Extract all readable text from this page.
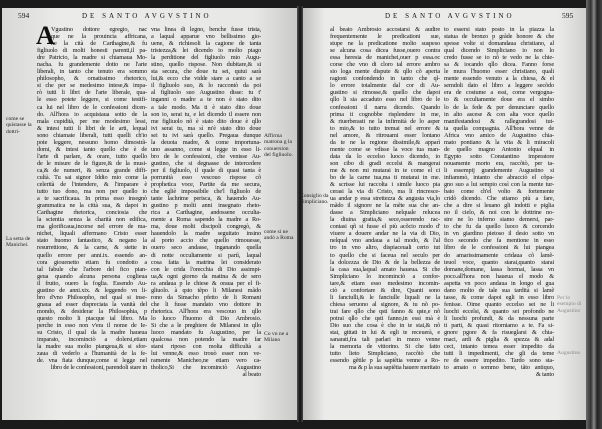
594	DE SANTO AVGVSTINO	595
DE SANTO AVGVSTINO
A
Vgustino dottore egregio, nac
que ne la prouincia affricana,
ne la cità de Carthagine,& fu
figliuolo di molti honesti parenti,il pa-
dre Patricio, la madre si chiamaua Mo-
nacha. fu grandemente dotto ne l'arte
liberali, in tanto che tenuto era sommo
philosopho, & ornatissimo rhetorico,
si che per se medesimo intese,& impa-
rò tutti li libri de l'arte liberale, qua-
le esso potete leggere, si come testifi-
ca lui nel libro de le confessioni dicen-
do. All'hora io acquistaua sotto de la
mala cupidità, per me modesimo lessi,
& intesi tutti li libri de le arti, lequal
sono chiamate liberali, tutti quelli ch'io
pote leggere, nessuno homo dimostrã-
domi, & intesi tanto quello che è de
l'arte di parlare, & orare, tutto quello
de le misure de le figure,& de la musi-
ca,& de numeri, & senza grande diffi-
cultà. Tu sai signor Iddio mio come la
celerità de l'intendere, & l'imparare è
tutto tuo dono, ma non per quello io
a te sacrificaua. In prima esso insegnò
grammatica ne la città sua, & dapoi in
Carthagine rhetorica, conciosia che
la scientia senza la charità non edifica,
ma glorificaua,incorse nel errore de ma-
nichei, liquali affermano Cristo esser
stato huomo fantastico, & negano la
resurrettione, & la carne, & stette in
quello errore per anni.ix. essendo an-
cora giouenetto etiam fu condotto a
tal fabule che l'arbore del fico pian-
geua quando alcuna persona coglieua
il frutto, ouero la foglia. Essendo Au-
gustino de anni.xix. & leggendo vn li-
bro d'vno Philosopho, nel qual si inse-
gnaua ad esser dispreciata la vanità del
mondo, & desiderar la Philosophia, p
questo molto li piacque tal libro. Ma
perche in esso non v'era il nome de Ie-
su Cristo, il qual da la madre haueua
imparato, incominciò a dolersi,etiam
la madre sua molto piangeua,& si sfor-
zaua di vederlo a l'humanità de la fe-
de. vna fiata dunque,come si legge nel
libro de le confessioni, parendoli stare in
vna linea di legno, benche fusse trista,
a laqual apparue vno bellissimo gio-
uene, & richiesoli la cagione de tanta
tristezza,& lei dicendo io molto piago
la perditione del figliuolo mio Augu-
stino, quello rispose. Non dubitare,& si
sta secura, che doue tu sei, quiui sarà
lui,& ecco che vidde stare a canto a se
il figliuolo suo, & lo raccontò da poi
al figliuolo suo Augustino disse: tu t'
inganni o madre a te non è stato dito
a tale modo. Ma ti è stato dito doue
son io, serai tu, e lei dicendo il essere non
me figliuolo nõ è stato dito doue è qllo
ivi serai tu, ma sì m'è stato dito doue
sei tu ivi sarà quello. Pregaua dunque
la deuota madre, & come importuna-
uno assanno, come si legge in esso li-
bro de le confessioni, che venisse Au-
gustino, che si degnasse de intercedere
per il figliuolo, il quale di quasi tanta è
porrunità esso vescouo rispose cõ
prophetica voce, Partite da me secura,
che egliè impossibile che'l figliuolo de
tante lachrime perisca, & hauendo Au-
gustino p molti anni insegnato rheto-
rica a Carthagine, andossene occulta-
mente a Roma sapendo la madre a Ro-
ma, doue molti discipoli congregò, &
hauendolo la madre seguitato insino
al porto accio che quello rimouesse,
ouero seco andasse, inganando quella
di notte occultamente si partì, laqual
cosa fatta la matrina lei considerato
con le crida l'orecchia di Dio assimpi-
ua,& ogni giorno da matina & de sero
ra andaua p le chiese & oraua per el fi-
gliuolo. à qsto tẽpo li Milanesi mãdo
rono da Simacho pfetto de li Romani
che li fusse mandato vno dottore in
rhetorica. All'hora era vescouo in qllo
lo luoco l'huomo di Dio Ambrosio.
Si che a le preghiere de Milanesi in qllo
luoco mandato fu Augustino, per la
qualcosa non potendo la madre far
starsi riposo con molta difficultà a
lui venne,& esso trouò esser non ve-
ramente Manicheo,ne etiam vero ca-
tholico,Si che incominciò Augustino
al beato
al beato Ambrosio accostarsi & audire
frequentemente le predicationi sue,
stupe ne la predicatione molto suspeso
se alcuna cosa dicea fusse,ouero contra
essa heresia de manichei,ouer p essa.oc
corse che vno di cloro tal errore ambro
sio loga mente dispute & qllo cõ aperta
ragioni confondendo in tanto che ql-
lo errore totalmente dal cor di Au-
gustino si rimosse,& quello che dapoi
qllo li sia accaduto esso nel libro de le
confessioni il narra dicendo. Quando
prima ti cognobbe risplendere in me,
& riuerberasti ne la infirmità de lo asper
to mio,& io tutto tremai nel errore &
nel amore, & ritrouami esser lontano
da te ne la regione dissimile,& apparì
mente come se vdisse la voce tua man-
data da lo eccelso luoco dicendo, io
son cibo di gradi eccelsi & mangerai
me & non mi mutarai in te come el ci
bo de la carne tua,ma ti mutarai in me.
& scrisse lui raccolta i simile luoco pia
cerasi la via di Cristo, ma li rincresce-
ua andar p essa strettezza & angusta via,lo
mãdo il signore ne la mẽte sua che an-
dasse a Simpliciano nelquale relucea
la diuina gratia,& sece,osserendo rac-
contasi qñ si fusse el più acõcio modo d'
viuere a douere andar ne la via di Dio,
nelqual vno andaua a tal modo, & l'al
tro in vno altro, dispiaceuali certo tut
to quello che si faceua nel seculo per
la dolcezza de Dio & de la bellezza de
la casa sua,laqual amato haueua. Si che
Simpliciano lo incominciò a confor-
tare,& etiam esso medesimo incomin-
ciò a confortare & dire, Quanti sono
li fanciulli,& le fanciulle liquali ne la
chiesa seruono al signore, & tu nõ po-
trai fare qllo che qsti fanno & qste,e nõ
potrai qllo che qsti fanno,in essi mà è
Dio suo che cosa è che in te stai,& nõ
stai, gittati in lui & egli te receuerà, e
sanarati,fra tali parlari in mezo venne
la memoria de vittorino. Si che fatto
tutto lieto Simpliciano, raccõtò che
essendo gẽtile p la sapiẽtia venne a Ro-
ma & p la sua sapiẽtia hauere meritato
to essersi stato posto in la piazza la
statua de bronzo p grãde honore & che
spesse volte si domandaua christiano, al
qual dicendo Simpliciano io non lo
credo fusse se io nõ te vedo ne la chie-
sa & iocando qllo dicea. Fanno forse
le mura l'huomo esser christiano, quali
mente essendo venuto a la chiesa, & el
semdoli dato el libro a leggere secõdo
era de costume a essi, come vergogna-
to & occultamente doue era el simbo
lo de la fede & per denunciare quello
in alto ascese & con alta voce quello
manifestandosi & rallegrandosi tut-
ta quella compagnia. All'hora venne de
Africa vno amico de Augustino chia-
mato pontiano & la vita & li miracoli
de quello magno Antonio elqual in
Egypto sotto Constantino imperatore
nouamente morto era, raccõtò, per ta-
li essempij grandemente Augustino si
infiammò, intanto che abracciò el cõpa-
gno suo a lui sempio così con la mente tur-
bato come ch'el volto & fortemente
cridò dicendo. Che stiamo più a fare,
che a dire si leuano gli indotti e piglia
no il cielo, & noi con le dottrine no-
stre ne lo inferno siamo demersi, par-
to che fu da quello luoco & corcendo
in vn giardino pietoso il desio sotto vn
fico secondo che fa mentione in esso
libro de le confessioni & lui piangea
do amarissimamente cridaua cõ lamẽ-
teuol voce, quanto starai,quanto starai
domane,domane, lassa hormai, lassa vn
poco.all'hora non haueua el modo &
aspetta vn poco andaua in longo el gua
dano molto de tale sua tardità si lamẽ
tasse, & come dapoi egli in esso libro
fenisse. Oime quanto eccelso sei ne li
luochi eccelsi, & quanto sei profondo ne
li luochi profundi, & da nessuna parte
ti parti, & quasi ritorniamo a te. Fa si-
gnore pgore & fa risueglarsi & chia-
maci, ardi & piglia & spezza & adal
ceci, intanto temea esser impedito da
tutti li impedimenti, che gli da teme
re de essere impedito. Tardo sono sta-
to amato o sommo bene, tãto antiquo,
& tanto
come se quistasse la dottri-
La setta de Manichei.
Affirma matrona g la conuersion del figliuolo.
come si ne andò a Roma
Co vn ne a Milano
Consiglio da Simpliciano.
Per lo esempio di Augustino
Augustino
